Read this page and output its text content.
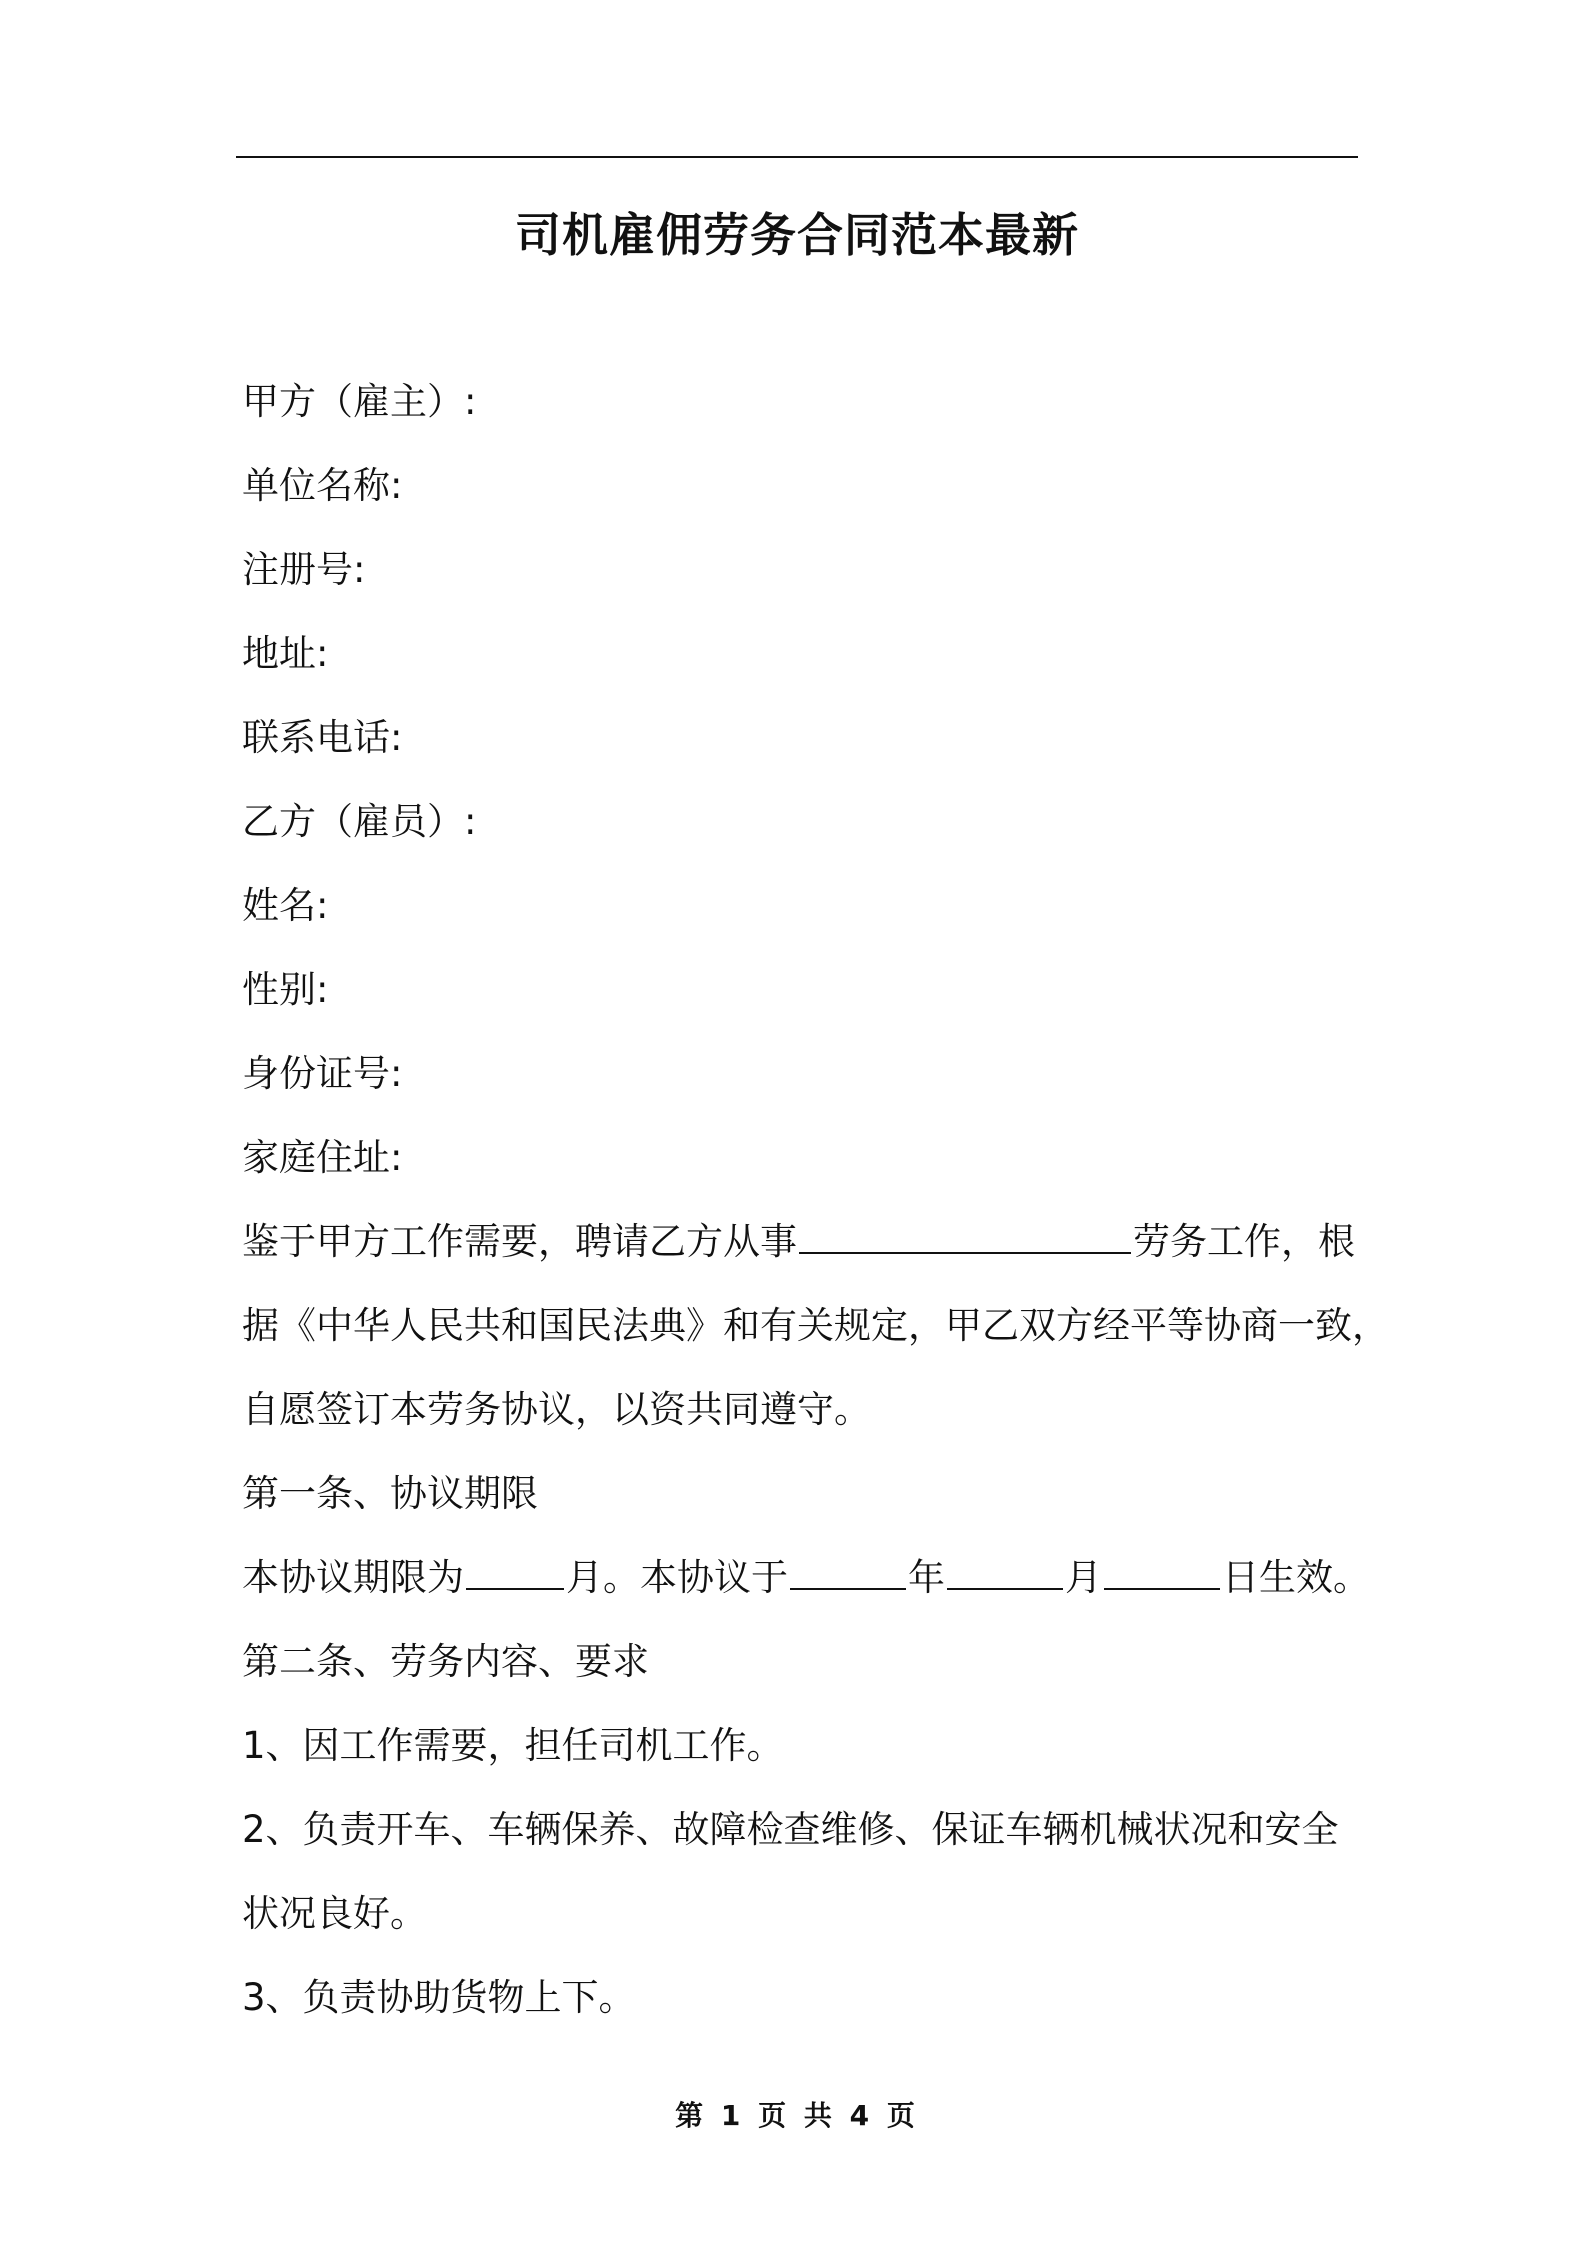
司机雇佣劳务合同范本最新
甲方（雇主）:
单位名称:
注册号:
地址:
联系电话:
乙方（雇员）:
姓名:
性别:
身份证号:
家庭住址:
鉴于甲方工作需要，聘请乙方从事	劳务工作，根
据《中华人民共和国民法典》和有关规定，甲乙双方经平等协商一致，
自愿签订本劳务协议，以资共同遵守。
第一条、协议期限
本协议期限为	月。本协议于	年	月	日生效。
第二条、劳务内容、要求
1、因工作需要，担任司机工作。
2、负责开车、车辆保养、故障检查维修、保证车辆机械状况和安全
状况良好。
3、负责协助货物上下。
第 1 页 共 4 页
